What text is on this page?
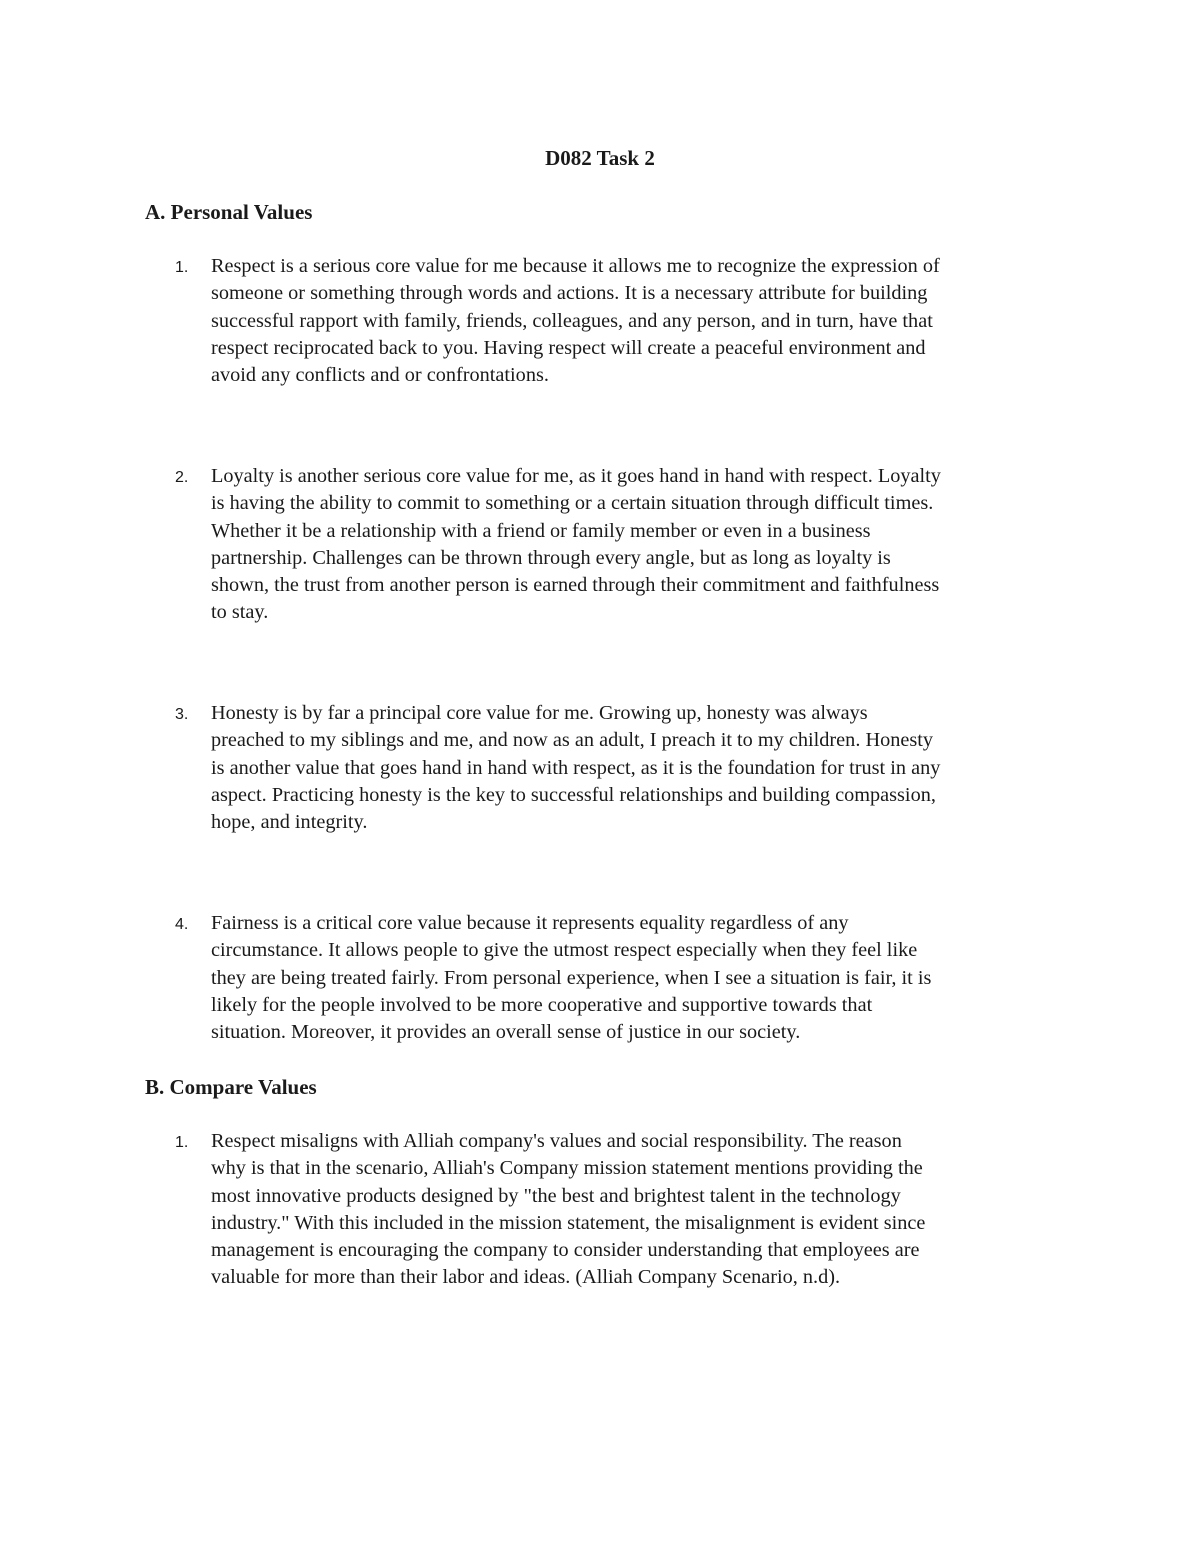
D082 Task 2
A. Personal Values
1. Respect is a serious core value for me because it allows me to recognize the expression of
someone or something through words and actions. It is a necessary attribute for building
successful rapport with family, friends, colleagues, and any person, and in turn, have that
respect reciprocated back to you. Having respect will create a peaceful environment and
avoid any conflicts and or confrontations.

2. Loyalty is another serious core value for me, as it goes hand in hand with respect. Loyalty
is having the ability to commit to something or a certain situation through difficult times.
Whether it be a relationship with a friend or family member or even in a business
partnership. Challenges can be thrown through every angle, but as long as loyalty is
shown, the trust from another person is earned through their commitment and faithfulness
to stay.

3. Honesty is by far a principal core value for me. Growing up, honesty was always
preached to my siblings and me, and now as an adult, I preach it to my children. Honesty
is another value that goes hand in hand with respect, as it is the foundation for trust in any
aspect. Practicing honesty is the key to successful relationships and building compassion,
hope, and integrity.

4. Fairness is a critical core value because it represents equality regardless of any
circumstance. It allows people to give the utmost respect especially when they feel like
they are being treated fairly. From personal experience, when I see a situation is fair, it is
likely for the people involved to be more cooperative and supportive towards that
situation. Moreover, it provides an overall sense of justice in our society.

B. Compare Values
1. Respect misaligns with Alliah company's values and social responsibility. The reason
why is that in the scenario, Alliah's Company mission statement mentions providing the
most innovative products designed by "the best and brightest talent in the technology
industry." With this included in the mission statement, the misalignment is evident since
management is encouraging the company to consider understanding that employees are
valuable for more than their labor and ideas. (Alliah Company Scenario, n.d).
